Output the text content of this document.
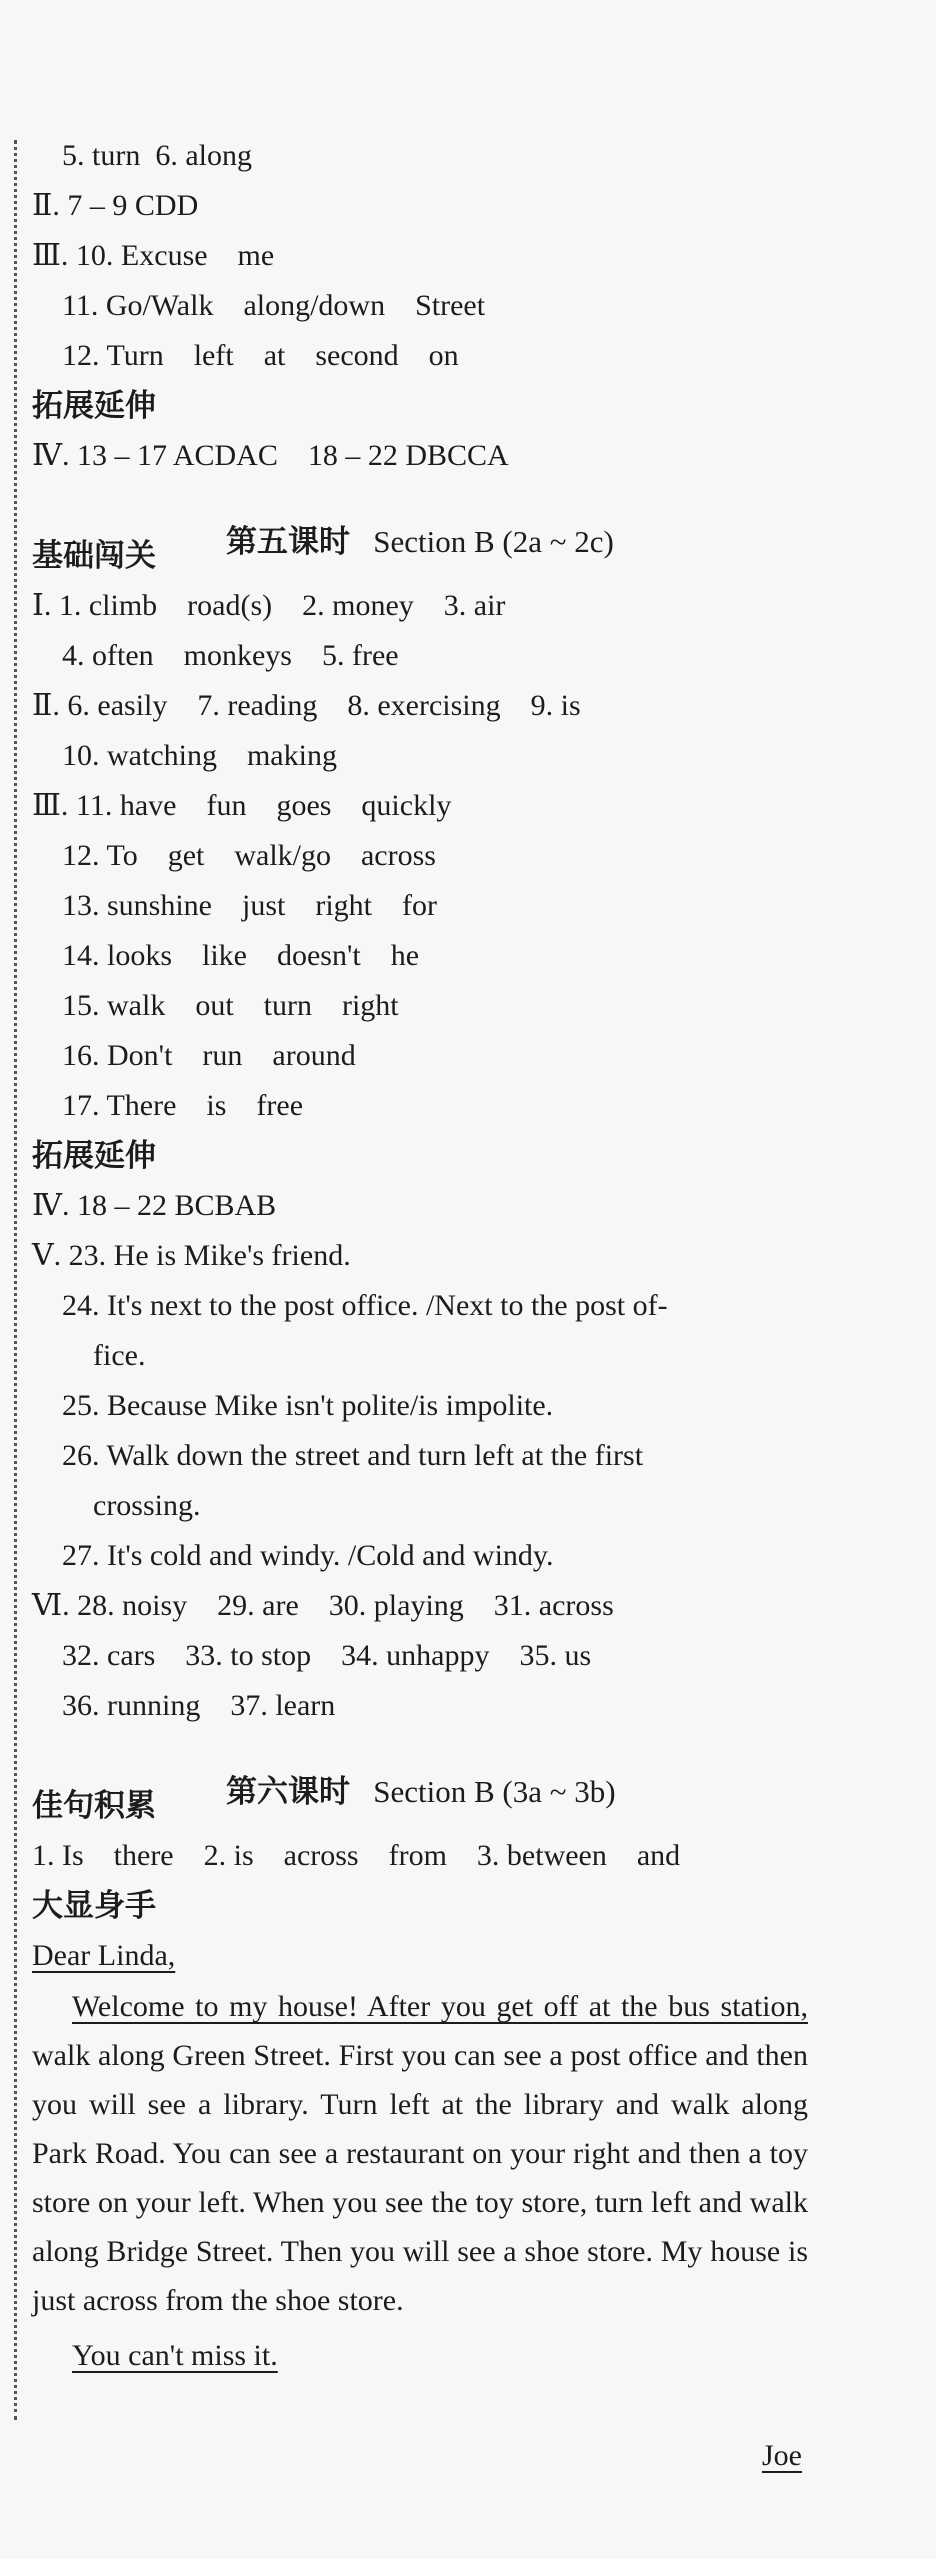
5. turn  6. along
Ⅱ. 7 – 9 CDD
Ⅲ. 10. Excuse    me
11. Go/Walk    along/down    Street
12. Turn    left    at    second    on
拓展延伸
Ⅳ. 13 – 17 ACDAC    18 – 22 DBCCA

第五课时 Section B (2a ~ 2c)

基础闯关
Ⅰ. 1. climb    road(s)    2. money    3. air
4. often    monkeys    5. free
Ⅱ. 6. easily    7. reading    8. exercising    9. is
10. watching    making
Ⅲ. 11. have    fun    goes    quickly
12. To    get    walk/go    across
13. sunshine    just    right    for
14. looks    like    doesn't    he
15. walk    out    turn    right
16. Don't    run    around
17. There    is    free
拓展延伸
Ⅳ. 18 – 22 BCBAB
Ⅴ. 23. He is Mike's friend.
24. It's next to the post office. /Next to the post of-
fice.
25. Because Mike isn't polite/is impolite.
26. Walk down the street and turn left at the first
crossing.
27. It's cold and windy. /Cold and windy.
Ⅵ. 28. noisy    29. are    30. playing    31. across
32. cars    33. to stop    34. unhappy    35. us
36. running    37. learn

第六课时 Section B (3a ~ 3b)

佳句积累
1. Is    there    2. is    across    from    3. between    and
大显身手
Dear Linda,
Welcome to my house! After you get off at the bus station, walk along Green Street. First you can see a post office and then you will see a library. Turn left at the library and walk along Park Road. You can see a restaurant on your right and then a toy store on your left. When you see the toy store, turn left and walk along Bridge Street. Then you will see a shoe store. My house is just across from the shoe store.
You can't miss it.
Joe
